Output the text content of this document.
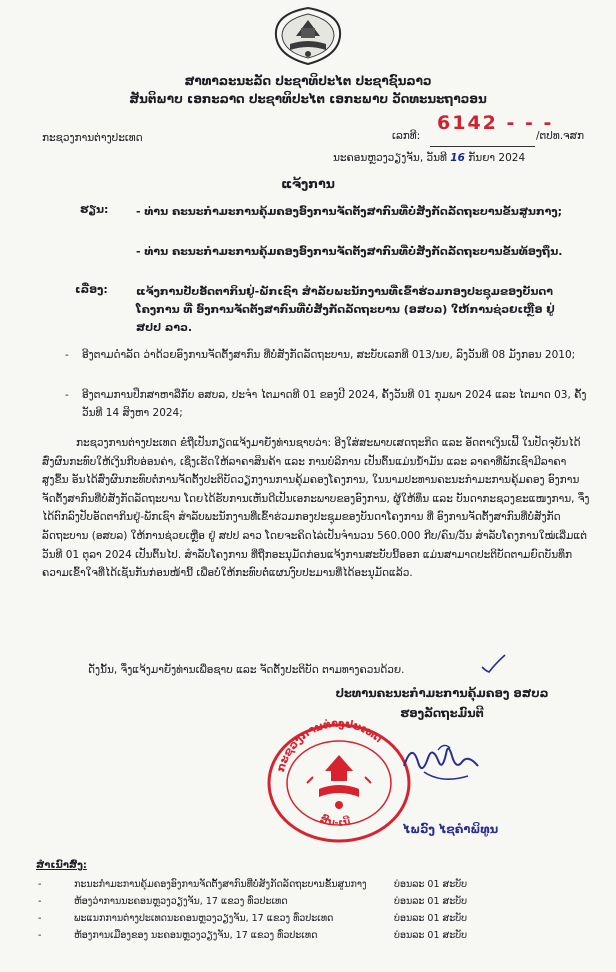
ສາທາລະນະລັດ ປະຊາທິປະໄຕ ປະຊາຊົນລາວ
ສັນຕິພາບ ເອກະລາດ ປະຊາທິປະໄຕ ເອກະພາບ ວັດທະນະຖາວອນ
ກະຊວງການຕ່າງປະເທດ	ເລກທີ:
6142 - - -
/ຕປທ.ຈສກ
ນະຄອນຫຼວງວຽງຈັນ, ວັນທີ 16 ກັນຍາ 2024
ແຈ້ງການ
ຮຽນ:	- ທ່ານ ຄະນະກຳມະການຄຸ້ມຄອງອົງການຈັດຕັ້ງສາກົນທີ່ບໍ່ສັງກັດລັດຖະບານຂັ້ນສູນກາງ;
- ທ່ານ ຄະນະກຳມະການຄຸ້ມຄອງອົງການຈັດຕັ້ງສາກົນທີ່ບໍ່ສັງກັດລັດຖະບານຂັ້ນທ້ອງຖິ່ນ.
ເລື່ອງ:	ແຈ້ງການປັບອັດຕາກິນຢູ່-ພັກເຊົາ ສຳລັບພະນັກງານທີ່ເຂົ້າຮ່ວມກອງປະຊຸມຂອງບັນດາໂຄງການ ທີ່ ອົງການຈັດຕັ້ງສາກົນທີ່ບໍ່ສັງກັດລັດຖະບານ (ອສບລ) ໃຫ້ການຊ່ວຍເຫຼືອ ຢູ່ ສປປ ລາວ.
- ອີງຕາມດຳລັດ ວ່າດ້ວຍອົງການຈັດຕັ້ງສາກົນ ທີ່ບໍ່ສັງກັດລັດຖະບານ, ສະບັບເລກທີ 013/ນຍ, ລົງວັນທີ 08 ມັງກອນ 2010;
- ອີງຕາມການປຶກສາຫາລືກັບ ອສບລ, ປະຈຳ ໄຕມາດທີ 01 ຂອງປີ 2024, ຄັ້ງວັນທີ 01 ກຸມພາ 2024 ແລະ ໄຕມາດ 03, ຄັ້ງວັນທີ 14 ສິງຫາ 2024;
ກະຊວງການຕ່າງປະເທດ ຂໍຖືເປັນກຽດແຈ້ງມາຍັງທ່ານຊາບວ່າ: ອີງໃສ່ສະພາບເສດຖະກິດ ແລະ ອັດຕາເງິນເຟີ້ ໃນປັດຈຸບັນໄດ້ສົ່ງຜົນກະທົບໃຫ້ເງິນກີບອ່ອນຄ່າ, ເຊິ່ງເຮັດໃຫ້ລາຄາສິນຄ້າ ແລະ ການບໍລິການ ເປັນຕົ້ນແມ່ນນ້ຳມັນ ແລະ ລາຄາທີ່ພັກເຊົາມີລາຄາສູງຂຶ້ນ ອັນໄດ້ສົ່ງຜົນກະທົບຕໍ່ການຈັດຕັ້ງປະຕິບັດວຽກງານການຄຸ້ມຄອງໂຄງການ, ໃນນາມປະທານຄະນະກຳມະການຄຸ້ມຄອງ ອົງການຈັດຕັ້ງສາກົນທີ່ບໍ່ສັງກັດລັດຖະບານ ໂດຍໄດ້ຮັບການເຫັນດີເປັນເອກະພາບຂອງອົງການ, ຜູ້ໃຫ້ທຶນ ແລະ ບັນດາກະຊວງຂະແໜງການ, ຈຶ່ງໄດ້ຕົກລົງປັບອັດຕາກິນຢູ່-ພັກເຊົາ ສຳລັບພະນັກງານທີ່ເຂົ້າຮ່ວມກອງປະຊຸມຂອງບັນດາໂຄງການ ທີ່ ອົງການຈັດຕັ້ງສາກົນທີ່ບໍ່ສັງກັດລັດຖະບານ (ອສບລ) ໃຫ້ການຊ່ວຍເຫຼືອ ຢູ່ ສປປ ລາວ ໂດຍຈະຄິດໄລ່ເປັນຈຳນວນ 560.000 ກີບ/ຄົນ/ວັນ ສຳລັບໂຄງການໃໝ່ເລີ່ມແຕ່ວັນທີ 01 ຕຸລາ 2024 ເປັນຕົ້ນໄປ. ສຳລັບໂຄງການ ທີ່ຖືກອະນຸມັດກ່ອນແຈ້ງການສະບັບນີ້ອອກ ແມ່ນສາມາດປະຕິບັດຕາມຍົດບັນທຶກຄວາມເຂົ້າໃຈທີ່ໄດ້ເຊັນກັນກ່ອນໜ້ານີ້ ເພື່ອບໍ່ໃຫ້ກະທົບຕໍ່ແຜນງົບປະມານທີ່ໄດ້ອະນຸມັດແລ້ວ.
ດັ່ງນັ້ນ, ຈຶ່ງແຈ້ງມາຍັງທ່ານເພື່ອຊາບ ແລະ ຈັດຕັ້ງປະຕິບັດ ຕາມທາງຄວນດ້ວຍ.
ປະທານຄະນະກຳມະການຄຸ້ມຄອງ ອສບລ
ຮອງລັດຖະມົນຕີ
ກະຊວງການຕ່າງປະເທດ
ສົນ-ເນີ	ໄພວົງ ໄຊຄຳພິທູນ
ສຳເນົາສົ່ງ:
-	ກະນະກຳມະການຄຸ້ມຄອງອົງການຈັດຕັ້ງສາກົນທີ່ບໍ່ສັງກັດລັດຖະບານຂັ້ນສູນກາງ	ບ່ອນລະ 01 ສະບັບ
-	ຫ້ອງວ່າການນະຄອນຫຼວງວຽງຈັນ, 17 ແຂວງ ທົ່ວປະເທດ	ບ່ອນລະ 01 ສະບັບ
-	ພະແນກການຕ່າງປະເທດນະຄອນຫຼວງວຽງຈັນ, 17 ແຂວງ ທົ່ວປະເທດ	ບ່ອນລະ 01 ສະບັບ
-	ຫ້ອງການເມືອງຂອງ ນະຄອນຫຼວງວຽງຈັນ, 17 ແຂວງ ທົ່ວປະເທດ	ບ່ອນລະ 01 ສະບັບ
